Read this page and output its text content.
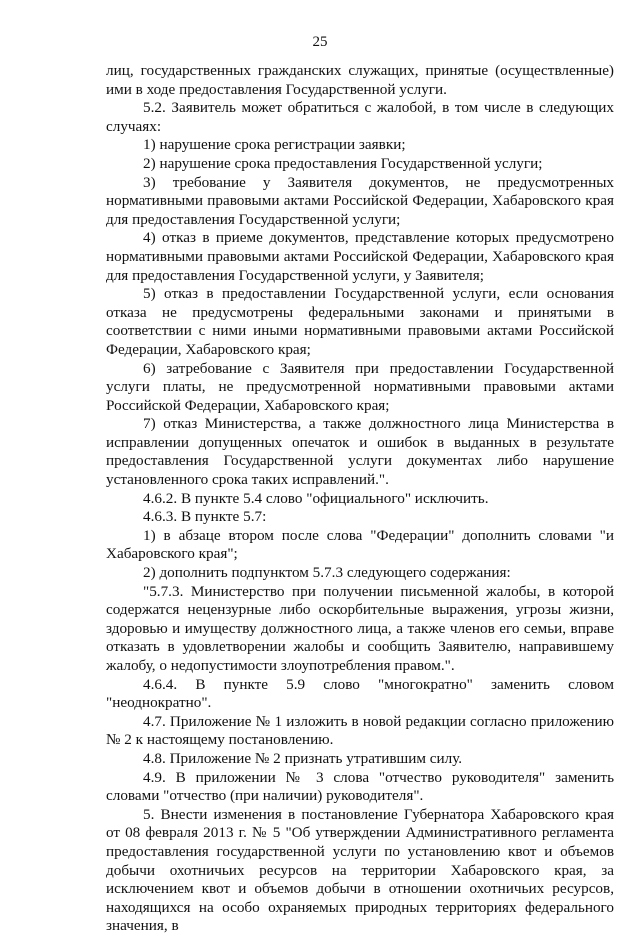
25

лиц, государственных гражданских служащих, принятые (осуществленные) ими в ходе предоставления Государственной услуги.

5.2. Заявитель может обратиться с жалобой, в том числе в следующих случаях:

1) нарушение срока регистрации заявки;

2) нарушение срока предоставления Государственной услуги;

3) требование у Заявителя документов, не предусмотренных нормативными правовыми актами Российской Федерации, Хабаровского края для предоставления Государственной услуги;

4) отказ в приеме документов, представление которых предусмотрено нормативными правовыми актами Российской Федерации, Хабаровского края для предоставления Государственной услуги, у Заявителя;

5) отказ в предоставлении Государственной услуги, если основания отказа не предусмотрены федеральными законами и принятыми в соответствии с ними иными нормативными правовыми актами Российской Федерации, Хабаровского края;

6) затребование с Заявителя при предоставлении Государственной услуги платы, не предусмотренной нормативными правовыми актами Российской Федерации, Хабаровского края;

7) отказ Министерства, а также должностного лица Министерства в исправлении допущенных опечаток и ошибок в выданных в результате предоставления Государственной услуги документах либо нарушение установленного срока таких исправлений.".

4.6.2. В пункте 5.4 слово "официального" исключить.

4.6.3. В пункте 5.7:

1) в абзаце втором после слова "Федерации" дополнить словами "и Хабаровского края";

2) дополнить подпунктом 5.7.3 следующего содержания:

"5.7.3. Министерство при получении письменной жалобы, в которой содержатся нецензурные либо оскорбительные выражения, угрозы жизни, здоровью и имуществу должностного лица, а также членов его семьи, вправе отказать в удовлетворении жалобы и сообщить Заявителю, направившему жалобу, о недопустимости злоупотребления правом.".

4.6.4. В пункте 5.9 слово "многократно" заменить словом "неоднократно".

4.7. Приложение № 1 изложить в новой редакции согласно приложению № 2 к настоящему постановлению.

4.8. Приложение № 2 признать утратившим силу.

4.9. В приложении № 3 слова "отчество руководителя" заменить словами "отчество (при наличии) руководителя".

5. Внести изменения в постановление Губернатора Хабаровского края от 08 февраля 2013 г. № 5 "Об утверждении Административного регламента предоставления государственной услуги по установлению квот и объемов добычи охотничьих ресурсов на территории Хабаровского края, за исключением квот и объемов добычи в отношении охотничьих ресурсов, находящихся на особо охраняемых природных территориях федерального значения, в
